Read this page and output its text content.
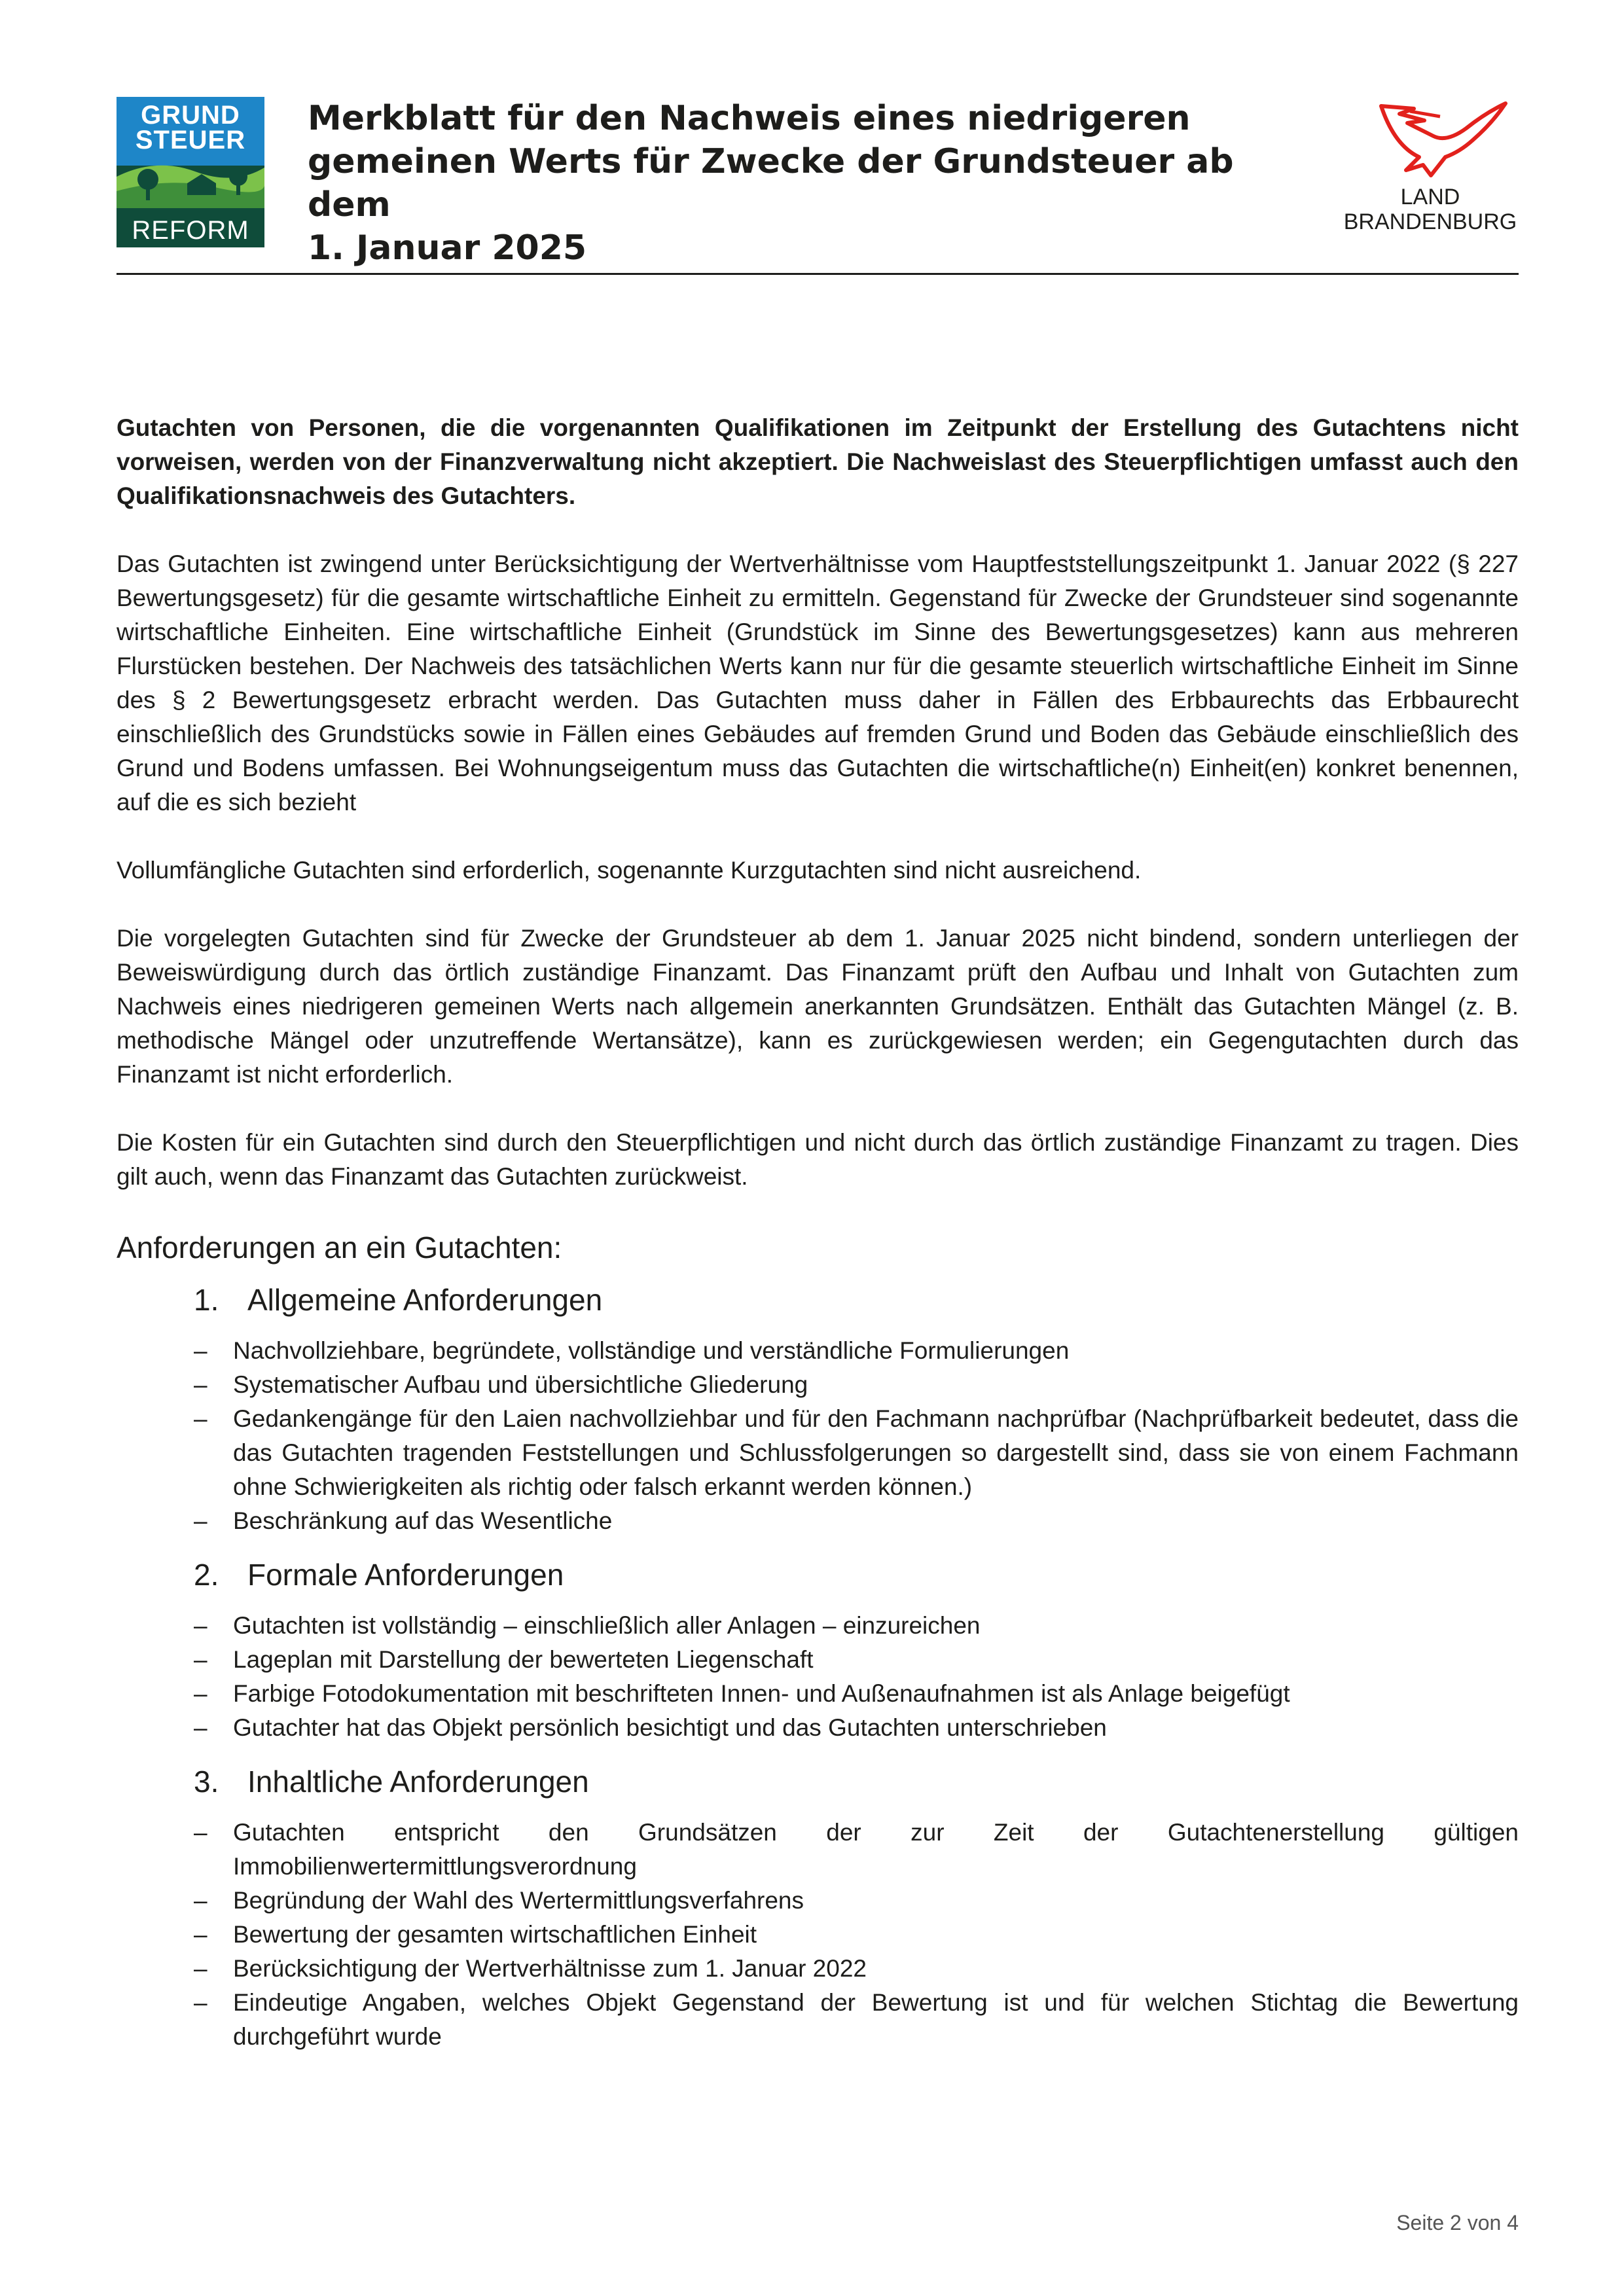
GRUND
STEUER
REFORM
Merkblatt für den Nachweis eines niedrigeren
gemeinen Werts für Zwecke der Grundsteuer ab dem
1. Januar 2025
LAND
BRANDENBURG

Gutachten von Personen, die die vorgenannten Qualifikationen im Zeitpunkt der Erstellung des Gutachtens nicht vorweisen, werden von der Finanzverwaltung nicht akzeptiert. Die Nachweislast des Steuerpflichtigen umfasst auch den Qualifikationsnachweis des Gutachters.

Das Gutachten ist zwingend unter Berücksichtigung der Wertverhältnisse vom Hauptfeststellungszeitpunkt 1. Januar 2022 (§ 227 Bewertungsgesetz) für die gesamte wirtschaftliche Einheit zu ermitteln. Gegenstand für Zwecke der Grundsteuer sind sogenannte wirtschaftliche Einheiten. Eine wirtschaftliche Einheit (Grundstück im Sinne des Bewertungsgesetzes) kann aus mehreren Flurstücken bestehen. Der Nachweis des tatsächlichen Werts kann nur für die gesamte steuerlich wirtschaftliche Einheit im Sinne des § 2 Bewertungsgesetz erbracht werden. Das Gutachten muss daher in Fällen des Erbbaurechts das Erbbaurecht einschließlich des Grundstücks sowie in Fällen eines Gebäudes auf fremden Grund und Boden das Gebäude einschließlich des Grund und Bodens umfassen. Bei Wohnungseigentum muss das Gutachten die wirtschaftliche(n) Einheit(en) konkret benennen, auf die es sich bezieht

Vollumfängliche Gutachten sind erforderlich, sogenannte Kurzgutachten sind nicht ausreichend.

Die vorgelegten Gutachten sind für Zwecke der Grundsteuer ab dem 1. Januar 2025 nicht bindend, sondern unterliegen der Beweiswürdigung durch das örtlich zuständige Finanzamt. Das Finanzamt prüft den Aufbau und Inhalt von Gutachten zum Nachweis eines niedrigeren gemeinen Werts nach allgemein anerkannten Grundsätzen. Enthält das Gutachten Mängel (z. B. methodische Mängel oder unzutreffende Wertansätze), kann es zurückgewiesen werden; ein Gegengutachten durch das Finanzamt ist nicht erforderlich.

Die Kosten für ein Gutachten sind durch den Steuerpflichtigen und nicht durch das örtlich zuständige Finanzamt zu tragen. Dies gilt auch, wenn das Finanzamt das Gutachten zurückweist.

Anforderungen an ein Gutachten:
1. Allgemeine Anforderungen
–	Nachvollziehbare, begründete, vollständige und verständliche Formulierungen
–	Systematischer Aufbau und übersichtliche Gliederung
–	Gedankengänge für den Laien nachvollziehbar und für den Fachmann nachprüfbar (Nachprüfbarkeit bedeutet, dass die das Gutachten tragenden Feststellungen und Schlussfolgerungen so dargestellt sind, dass sie von einem Fachmann ohne Schwierigkeiten als richtig oder falsch erkannt werden können.)
–	Beschränkung auf das Wesentliche
2. Formale Anforderungen
–	Gutachten ist vollständig – einschließlich aller Anlagen – einzureichen
–	Lageplan mit Darstellung der bewerteten Liegenschaft
–	Farbige Fotodokumentation mit beschrifteten Innen- und Außenaufnahmen ist als Anlage beigefügt
–	Gutachter hat das Objekt persönlich besichtigt und das Gutachten unterschrieben
3. Inhaltliche Anforderungen
–	Gutachten entspricht den Grundsätzen der zur Zeit der Gutachtenerstellung gültigen Immobilienwertermittlungsverordnung
–	Begründung der Wahl des Wertermittlungsverfahrens
–	Bewertung der gesamten wirtschaftlichen Einheit
–	Berücksichtigung der Wertverhältnisse zum 1. Januar 2022
–	Eindeutige Angaben, welches Objekt Gegenstand der Bewertung ist und für welchen Stichtag die Bewertung durchgeführt wurde
Seite 2 von 4
